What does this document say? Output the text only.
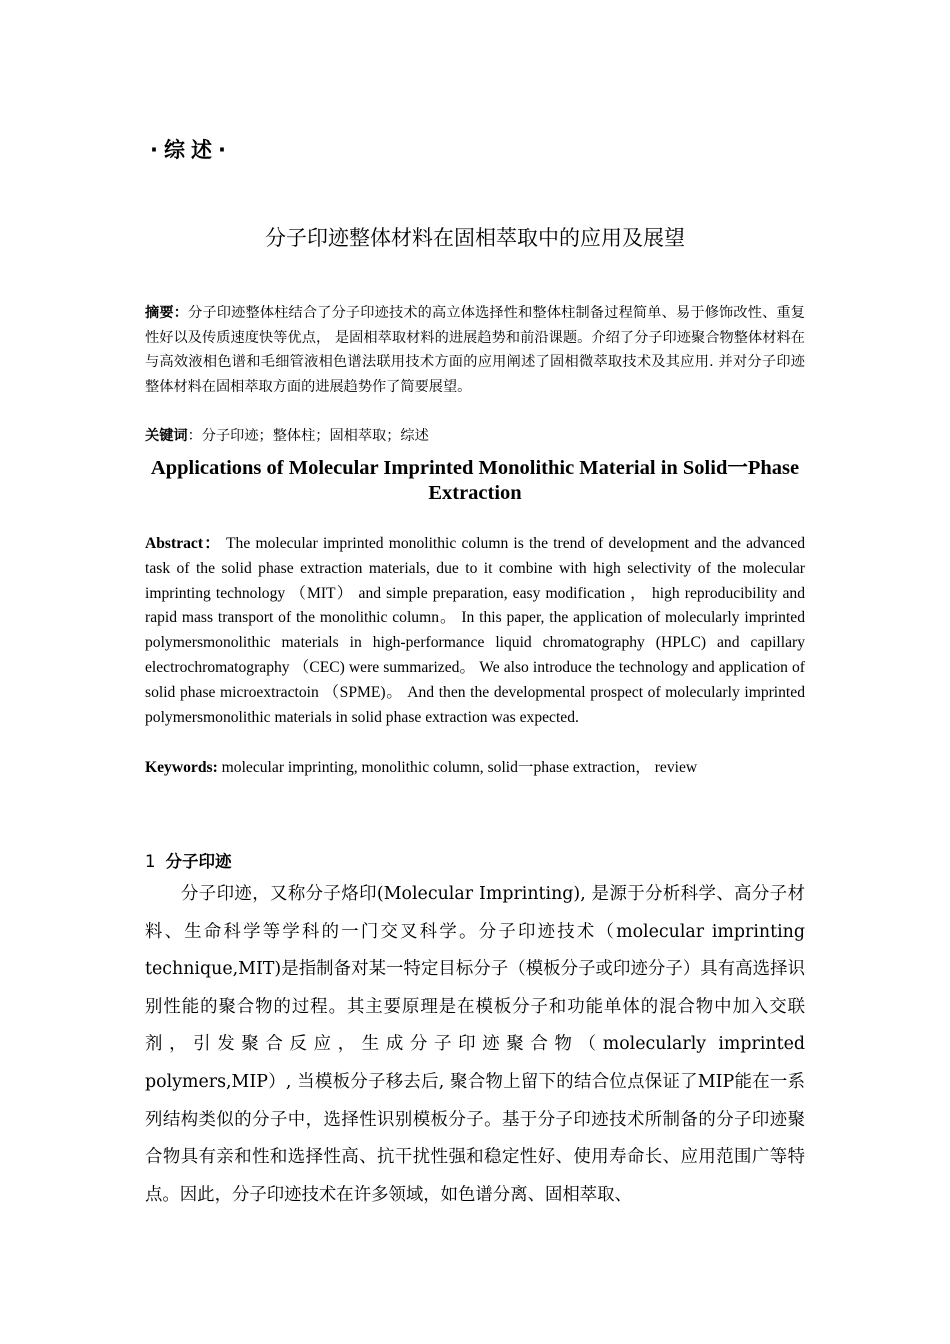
·综述·
分子印迹整体材料在固相萃取中的应用及展望
摘要：分子印迹整体柱结合了分子印迹技术的高立体选择性和整体柱制备过程简单、易于修饰改性、重复性好以及传质速度快等优点， 是固相萃取材料的进展趋势和前沿课题。介绍了分子印迹聚合物整体材料在与高效液相色谱和毛细管液相色谱法联用技术方面的应用阐述了固相微萃取技术及其应用. 并对分子印迹整体材料在固相萃取方面的进展趋势作了简要展望。
关键词：分子印迹；整体柱；固相萃取；综述
Applications of Molecular Imprinted Monolithic Material in Solid一Phase Extraction
Abstract： The molecular imprinted monolithic column is the trend of development and the advanced task of the solid phase extraction materials, due to it combine with high selectivity of the molecular imprinting technology （MIT） and simple preparation, easy modification ， high reproducibility and rapid mass transport of the monolithic column。 In this paper, the application of molecularly imprinted polymersmonolithic materials in high-performance liquid chromatography (HPLC) and capillary electrochromatography （CEC) were summarized。 We also introduce the technology and application of solid phase microextractoin （SPME)。 And then the developmental prospect of molecularly imprinted polymersmonolithic materials in solid phase extraction was expected.
Keywords: molecular imprinting, monolithic column, solid一phase extraction， review
1 分子印迹
分子印迹，又称分子烙印(Molecular Imprinting), 是源于分析科学、高分子材料、生命科学等学科的一门交叉科学。分子印迹技术（molecular imprinting technique,MIT)是指制备对某一特定目标分子（模板分子或印迹分子）具有高选择识别性能的聚合物的过程。其主要原理是在模板分子和功能单体的混合物中加入交联剂，引发聚合反应，生成分子印迹聚合物（molecularly imprinted polymers,MIP）, 当模板分子移去后, 聚合物上留下的结合位点保证了MIP能在一系列结构类似的分子中，选择性识别模板分子。基于分子印迹技术所制备的分子印迹聚合物具有亲和性和选择性高、抗干扰性强和稳定性好、使用寿命长、应用范围广等特点。因此，分子印迹技术在许多领域，如色谱分离、固相萃取、
